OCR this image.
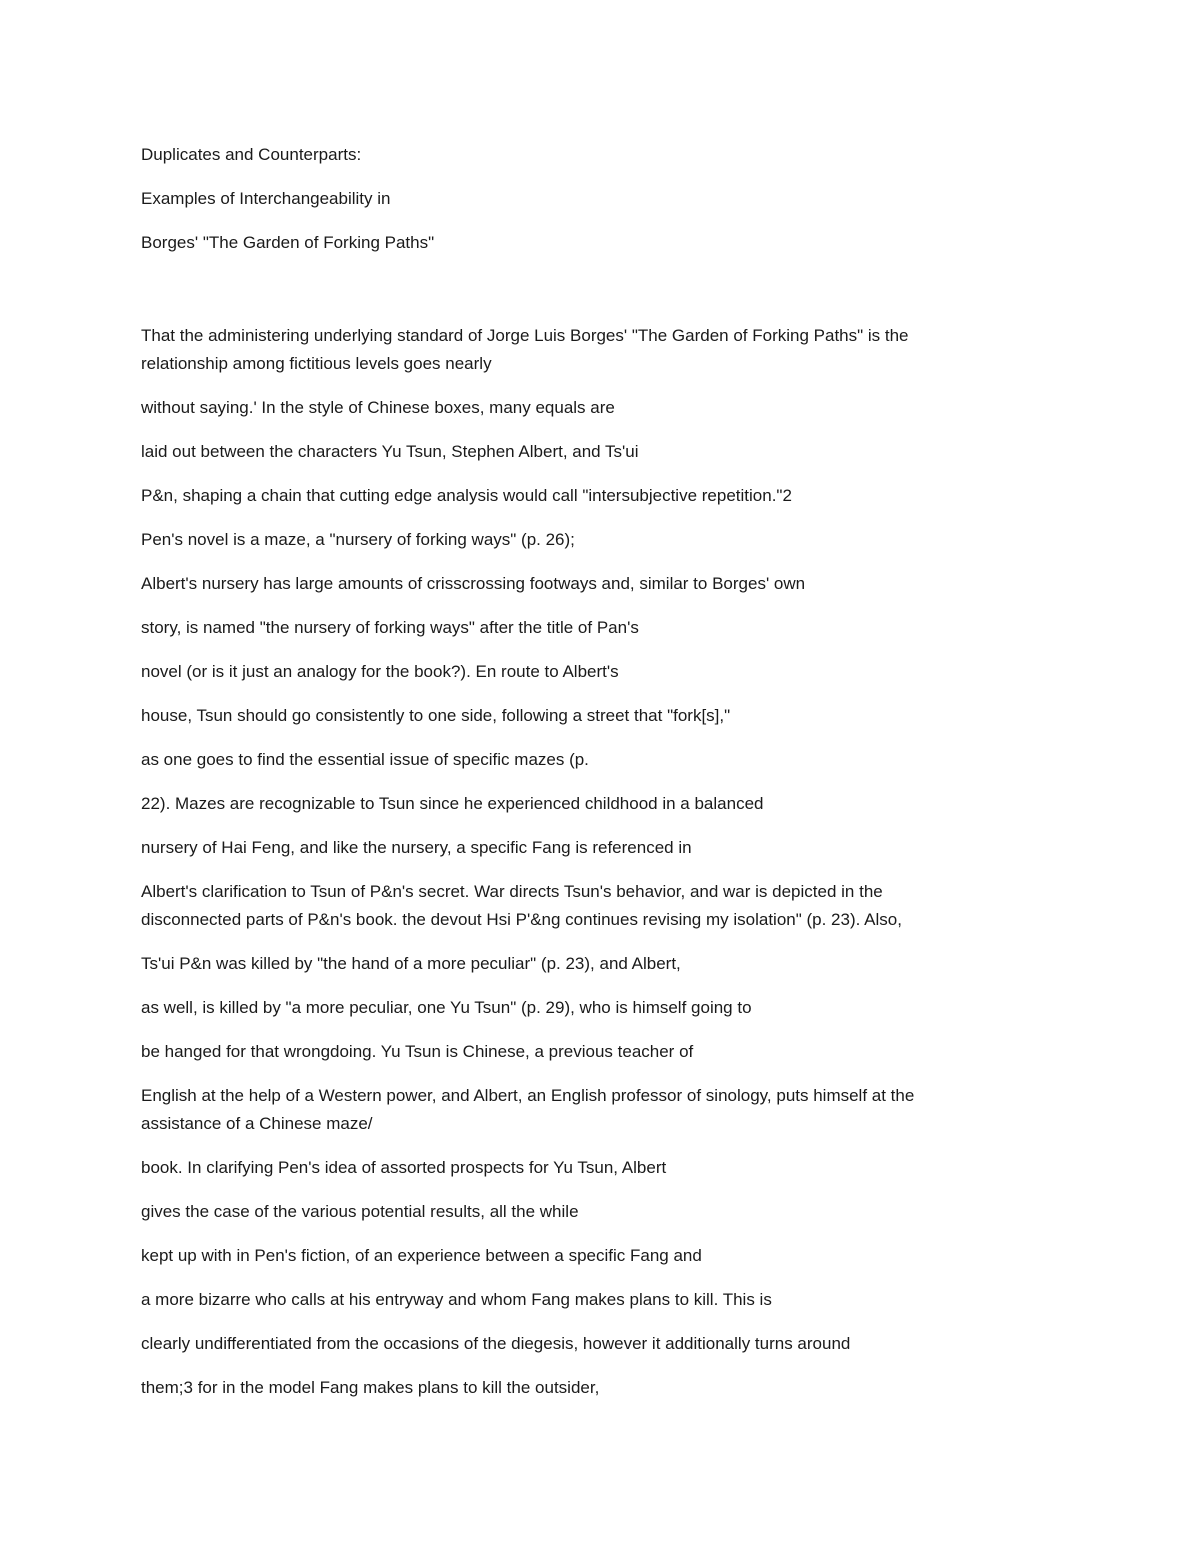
Duplicates and Counterparts:
Examples of Interchangeability in
Borges' "The Garden of Forking Paths"

That the administering underlying standard of Jorge Luis Borges' "The Garden of Forking Paths" is the
relationship among fictitious levels goes nearly

without saying.' In the style of Chinese boxes, many equals are

laid out between the characters Yu Tsun, Stephen Albert, and Ts'ui

P&n, shaping a chain that cutting edge analysis would call "intersubjective repetition."2

Pen's novel is a maze, a "nursery of forking ways" (p. 26);

Albert's nursery has large amounts of crisscrossing footways and, similar to Borges' own

story, is named "the nursery of forking ways" after the title of Pan's

novel (or is it just an analogy for the book?). En route to Albert's

house, Tsun should go consistently to one side, following a street that "fork[s],"

as one goes to find the essential issue of specific mazes (p.

22). Mazes are recognizable to Tsun since he experienced childhood in a balanced

nursery of Hai Feng, and like the nursery, a specific Fang is referenced in

Albert's clarification to Tsun of P&n's secret. War directs Tsun's behavior, and war is depicted in the
disconnected parts of P&n's book. the devout Hsi P'&ng continues revising my isolation" (p. 23). Also,

Ts'ui P&n was killed by "the hand of a more peculiar" (p. 23), and Albert,

as well, is killed by "a more peculiar, one Yu Tsun" (p. 29), who is himself going to

be hanged for that wrongdoing. Yu Tsun is Chinese, a previous teacher of

English at the help of a Western power, and Albert, an English professor of sinology, puts himself at the
assistance of a Chinese maze/

book. In clarifying Pen's idea of assorted prospects for Yu Tsun, Albert

gives the case of the various potential results, all the while

kept up with in Pen's fiction, of an experience between a specific Fang and

a more bizarre who calls at his entryway and whom Fang makes plans to kill. This is

clearly undifferentiated from the occasions of the diegesis, however it additionally turns around

them;3 for in the model Fang makes plans to kill the outsider,
